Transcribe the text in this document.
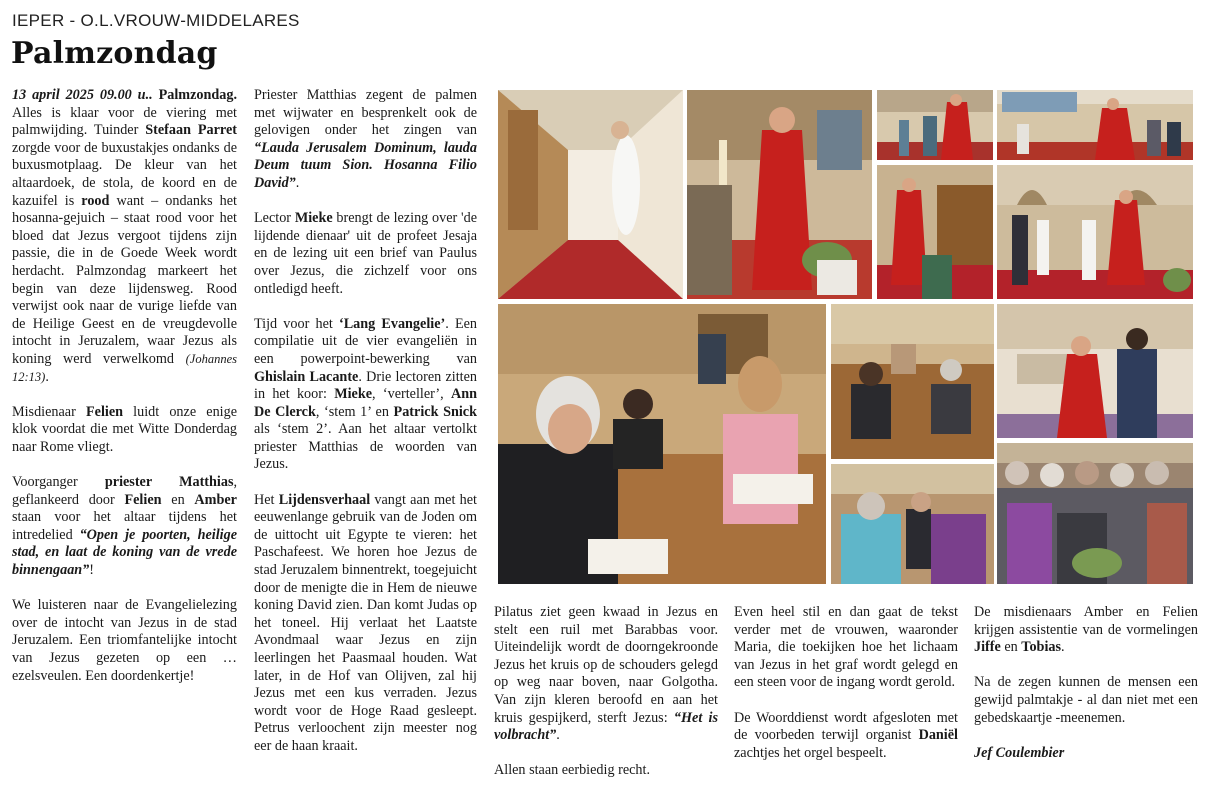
IEPER - O.L.VROUW-MIDDELARES
Palmzondag

13 april 2025 09.00 u.. Palmzondag. Alles is klaar voor de viering met palmwijding. Tuinder Stefaan Parret zorgde voor de buxustakjes ondanks de buxusmotplaag. De kleur van het altaardoek, de stola, de koord en de kazuifel is rood want – ondanks het hosanna-gejuich – staat rood voor het bloed dat Jezus vergoot tijdens zijn passie, die in de Goede Week wordt herdacht. Palmzondag markeert het begin van deze lijdensweg. Rood verwijst ook naar de vurige liefde van de Heilige Geest en de vreugdevolle intocht in Jeruzalem, waar Jezus als koning werd verwelkomd (Johannes 12:13).

Misdienaar Felien luidt onze enige klok voordat die met Witte Donderdag naar Rome vliegt.

Voorganger priester Matthias, geflankeerd door Felien en Amber staan voor het altaar tijdens het intredelied “Open je poorten, heilige stad, en laat de koning van de vrede binnengaan”!

We luisteren naar de Evangelielezing over de intocht van Jezus in de stad Jeruzalem. Een triomfantelijke intocht van Jezus gezeten op een … ezelsveulen. Een doordenkertje!

Priester Matthias zegent de palmen met wijwater en besprenkelt ook de gelovigen onder het zingen van “Lauda Jerusalem Dominum, lauda Deum tuum Sion. Hosanna Filio David”.

Lector Mieke brengt de lezing over 'de lijdende dienaar' uit de profeet Jesaja en de lezing uit een brief van Paulus over Jezus, die zichzelf voor ons ontledigd heeft.

Tijd voor het ‘Lang Evangelie’. Een compilatie uit de vier evangeliën in een powerpoint-bewerking van Ghislain Lacante. Drie lectoren zitten in het koor: Mieke, ‘verteller’, Ann De Clerck, ‘stem 1’ en Patrick Snick als ‘stem 2’. Aan het altaar vertolkt priester Matthias de woorden van Jezus.

Het Lijdensverhaal vangt aan met het eeuwenlange gebruik van de Joden om de uittocht uit Egypte te vieren: het Paschafeest. We horen hoe Jezus de stad Jeruzalem binnentrekt, toegejuicht door de menigte die in Hem de nieuwe koning David zien. Dan komt Judas op het toneel. Hij verlaat het Laatste Avondmaal waar Jezus en zijn leerlingen het Paasmaal houden. Wat later, in de Hof van Olijven, zal hij Jezus met een kus verraden. Jezus wordt voor de Hoge Raad gesleept. Petrus verloochent zijn meester nog eer de haan kraait.

Pilatus ziet geen kwaad in Jezus en stelt een ruil met Barabbas voor. Uiteindelijk wordt de doorngekroonde Jezus het kruis op de schouders gelegd op weg naar boven, naar Golgotha. Van zijn kleren beroofd en aan het kruis gespijkerd, sterft Jezus: “Het is volbracht”.

Allen staan eerbiedig recht.

Even heel stil en dan gaat de tekst verder met de vrouwen, waaronder Maria, die toekijken hoe het lichaam van Jezus in het graf wordt gelegd en een steen voor de ingang wordt gerold.

De Woorddienst wordt afgesloten met de voorbeden terwijl organist Daniël zachtjes het orgel bespeelt.

De misdienaars Amber en Felien krijgen assistentie van de vormelingen Jiffe en Tobias.

Na de zegen kunnen de mensen een gewijd palmtakje - al dan niet met een gebedskaartje -meenemen.

Jef Coulembier
